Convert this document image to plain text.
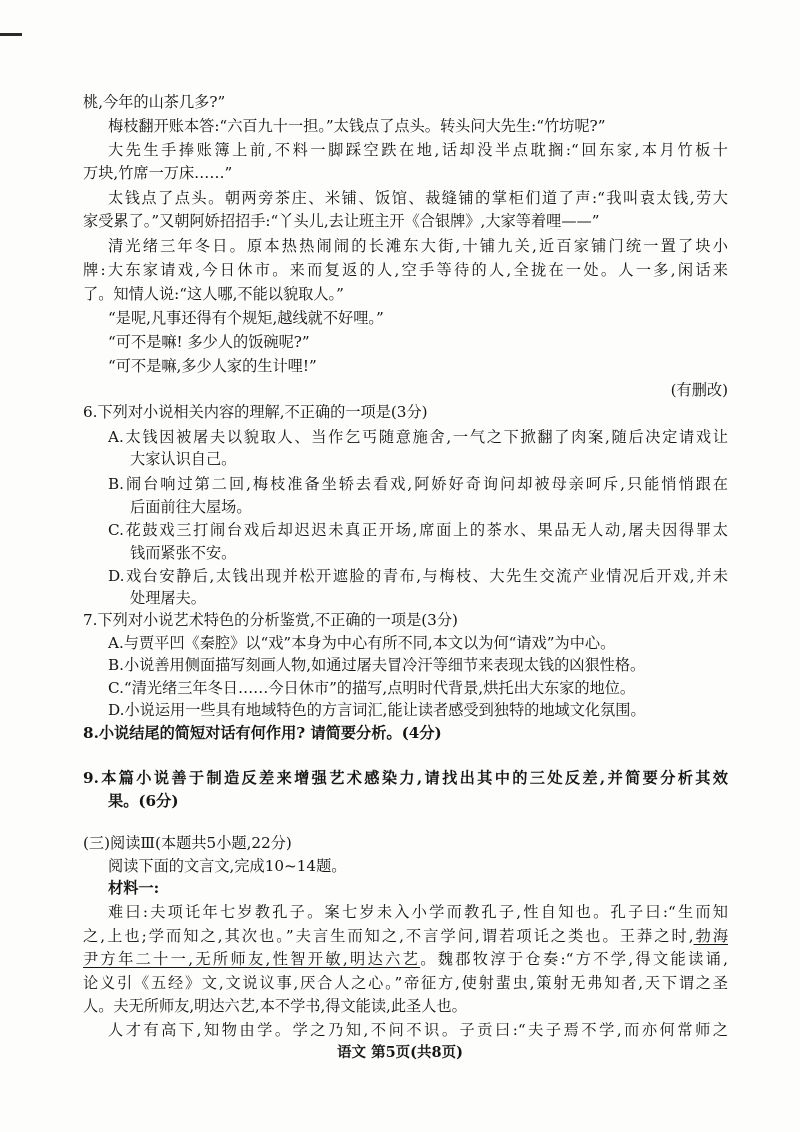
桃,今年的山茶几多?”
梅枝翻开账本答:“六百九十一担。”太钱点了点头。转头问大先生:“竹坊呢?”
大先生手捧账簿上前,不料一脚踩空跌在地,话却没半点耽搁:“回东家,本月竹板十
万块,竹席一万床……”
太钱点了点头。朝两旁茶庄、米铺、饭馆、裁缝铺的掌柜们道了声:“我叫袁太钱,劳大
家受累了。”又朝阿娇招招手:“丫头儿,去让班主开《合银牌》,大家等着哩——”
清光绪三年冬日。原本热热闹闹的长滩东大街,十铺九关,近百家铺门统一置了块小
牌:大东家请戏,今日休市。来而复返的人,空手等待的人,全拢在一处。人一多,闲话来
了。知情人说:“这人哪,不能以貌取人。”
“是呢,凡事还得有个规矩,越线就不好哩。”
“可不是嘛! 多少人的饭碗呢?”
“可不是嘛,多少人家的生计哩!”
(有删改)
6.下列对小说相关内容的理解,不正确的一项是(3分)
A.太钱因被屠夫以貌取人、当作乞丐随意施舍,一气之下掀翻了肉案,随后决定请戏让
大家认识自己。
B.闹台响过第二回,梅枝准备坐轿去看戏,阿娇好奇询问却被母亲呵斥,只能悄悄跟在
后面前往大屋场。
C.花鼓戏三打闹台戏后却迟迟未真正开场,席面上的茶水、果品无人动,屠夫因得罪太
钱而紧张不安。
D.戏台安静后,太钱出现并松开遮脸的青布,与梅枝、大先生交流产业情况后开戏,并未
处理屠夫。
7.下列对小说艺术特色的分析鉴赏,不正确的一项是(3分)
A.与贾平凹《秦腔》以“戏”本身为中心有所不同,本文以为何“请戏”为中心。
B.小说善用侧面描写刻画人物,如通过屠夫冒冷汗等细节来表现太钱的凶狠性格。
C.“清光绪三年冬日……今日休市”的描写,点明时代背景,烘托出大东家的地位。
D.小说运用一些具有地域特色的方言词汇,能让读者感受到独特的地域文化氛围。
8.小说结尾的简短对话有何作用? 请简要分析。(4分)
9.本篇小说善于制造反差来增强艺术感染力,请找出其中的三处反差,并简要分析其效
果。(6分)
(三)阅读Ⅲ(本题共5小题,22分)
阅读下面的文言文,完成10~14题。
材料一:
难曰:夫项讬年七岁教孔子。案七岁未入小学而教孔子,性自知也。孔子曰:“生而知
之,上也;学而知之,其次也。”夫言生而知之,不言学问,谓若项讬之类也。王莽之时,勃海
尹方年二十一,无所师友,性智开敏,明达六艺。魏郡牧淳于仓奏:“方不学,得文能读诵,
论义引《五经》文,文说议事,厌合人之心。”帝征方,使射蜚虫,策射无弗知者,天下谓之圣
人。夫无所师友,明达六艺,本不学书,得文能读,此圣人也。
人才有高下,知物由学。学之乃知,不问不识。子贡曰:“夫子焉不学,而亦何常师之
语文 第5页(共8页)
